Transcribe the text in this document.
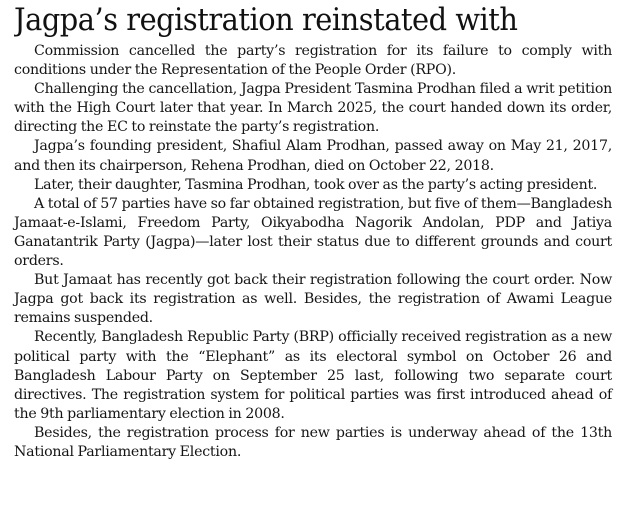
Jagpa’s registration reinstated with

Commission cancelled the party’s registration for its failure to comply with conditions under the Representation of the People Order (RPO).

Challenging the cancellation, Jagpa President Tasmina Prodhan filed a writ petition with the High Court later that year. In March 2025, the court handed down its order, directing the EC to reinstate the party’s registration.

Jagpa’s founding president, Shafiul Alam Prodhan, passed away on May 21, 2017, and then its chairperson, Rehena Prodhan, died on October 22, 2018.

Later, their daughter, Tasmina Prodhan, took over as the party’s acting president.

A total of 57 parties have so far obtained registration, but five of them—Bangladesh Jamaat-e-Islami, Freedom Party, Oikyabodha Nagorik Andolan, PDP and Jatiya Ganatantrik Party (Jagpa)—later lost their status due to different grounds and court orders.

But Jamaat has recently got back their registration following the court order. Now Jagpa got back its registration as well. Besides, the registration of Awami League remains suspended.

Recently, Bangladesh Republic Party (BRP) officially received registration as a new political party with the “Elephant” as its electoral symbol on October 26 and Bangladesh Labour Party on September 25 last, following two separate court directives. The registration system for political parties was first introduced ahead of the 9th parliamentary election in 2008.

Besides, the registration process for new parties is underway ahead of the 13th National Parliamentary Election.
